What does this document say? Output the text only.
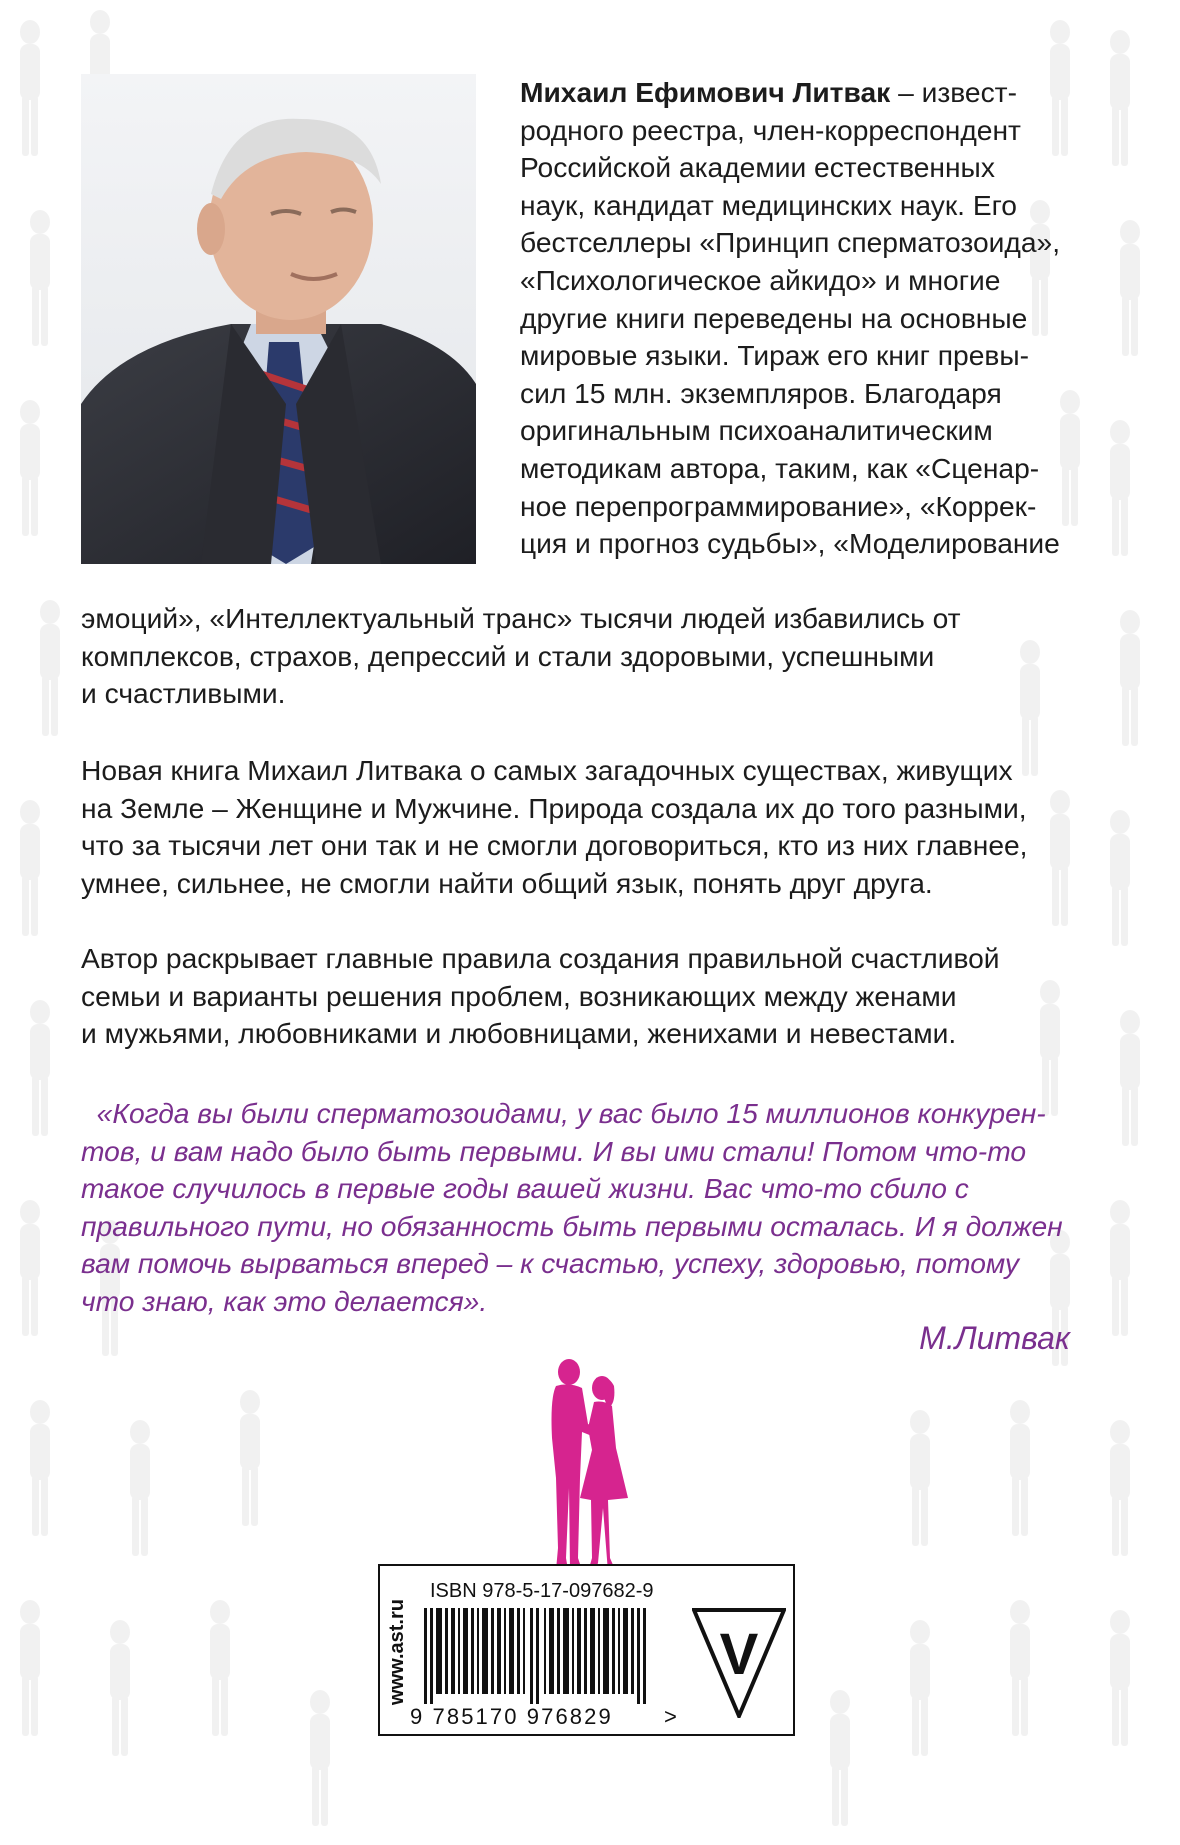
Михаил Ефимович Литвак – извест-
родного реестра, член-корреспондент
Российской академии естественных
наук, кандидат медицинских наук. Его
бестселлеры «Принцип сперматозоида»,
«Психологическое айкидо» и многие
другие книги переведены на основные
мировые языки. Тираж его книг превы-
сил 15 млн. экземпляров. Благодаря
оригинальным психоаналитическим
методикам автора, таким, как «Сценар-
ное перепрограммирование», «Коррек-
ция и прогноз судьбы», «Моделирование
эмоций», «Интеллектуальный транс» тысячи людей избавились от
комплексов, страхов, депрессий и стали здоровыми, успешными
и счастливыми.
Новая книга Михаил Литвака о самых загадочных существах, живущих
на Земле – Женщине и Мужчине. Природа создала их до того разными,
что за тысячи лет они так и не смогли договориться, кто из них главнее,
умнее, сильнее, не смогли найти общий язык, понять друг друга.
Автор раскрывает главные правила создания правильной счастливой
семьи и варианты решения проблем, возникающих между женами
и мужьями, любовниками и любовницами, женихами и невестами.
«Когда вы были сперматозоидами, у вас было 15 миллионов конкурен-
тов, и вам надо было быть первыми. И вы ими стали! Потом что-то
такое случилось в первые годы вашей жизни. Вас что-то сбило с
правильного пути, но обязанность быть первыми осталась. И я должен
вам помочь вырваться вперед – к счастью, успеху, здоровью, потому
что знаю, как это делается».
М.Литвак
www.ast.ru
ISBN 978-5-17-097682-9
9 785170 976829 >
V
